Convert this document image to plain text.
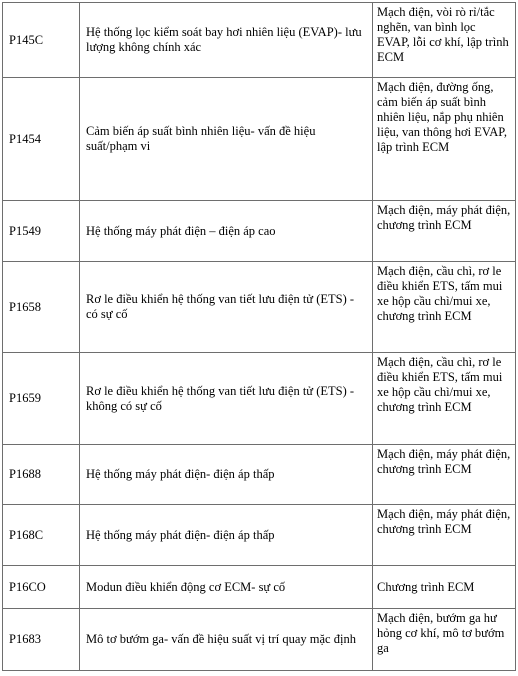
P145C	Hệ thống lọc kiểm soát bay hơi nhiên liệu (EVAP)- lưu lượng không chính xác	Mạch điện, vòi rò rỉ/tắc nghẽn, van bình lọc EVAP, lỗi cơ khí, lập trình ECM
P1454	Cảm biến áp suất bình nhiên liệu- vấn đề hiệu suất/phạm vi	Mạch điện, đường ống, cảm biến áp suất bình nhiên liệu, nắp phụ nhiên liệu, van thông hơi EVAP, lập trình ECM
P1549	Hệ thống máy phát điện – điện áp cao	Mạch điện, máy phát điện, chương trình ECM
P1658	Rơ le điều khiển hệ thống van tiết lưu điện tử (ETS) - có sự cố	Mạch điện, cầu chì, rơ le điều khiển ETS, tấm mui xe hộp cầu chì/mui xe, chương trình ECM
P1659	Rơ le điều khiển hệ thống van tiết lưu điện tử (ETS) - không có sự cố	Mạch điện, cầu chì, rơ le điều khiển ETS, tấm mui xe hộp cầu chì/mui xe, chương trình ECM
P1688	Hệ thống máy phát điện- điện áp thấp	Mạch điện, máy phát điện, chương trình ECM
P168C	Hệ thống máy phát điện- điện áp thấp	Mạch điện, máy phát điện, chương trình ECM
P16CO	Modun điều khiển động cơ ECM- sự cố	Chương trình ECM
P1683	Mô tơ bướm ga- vấn đề hiệu suất vị trí quay mặc định	Mạch điện, bướm ga hư hỏng cơ khí, mô tơ bướm ga
